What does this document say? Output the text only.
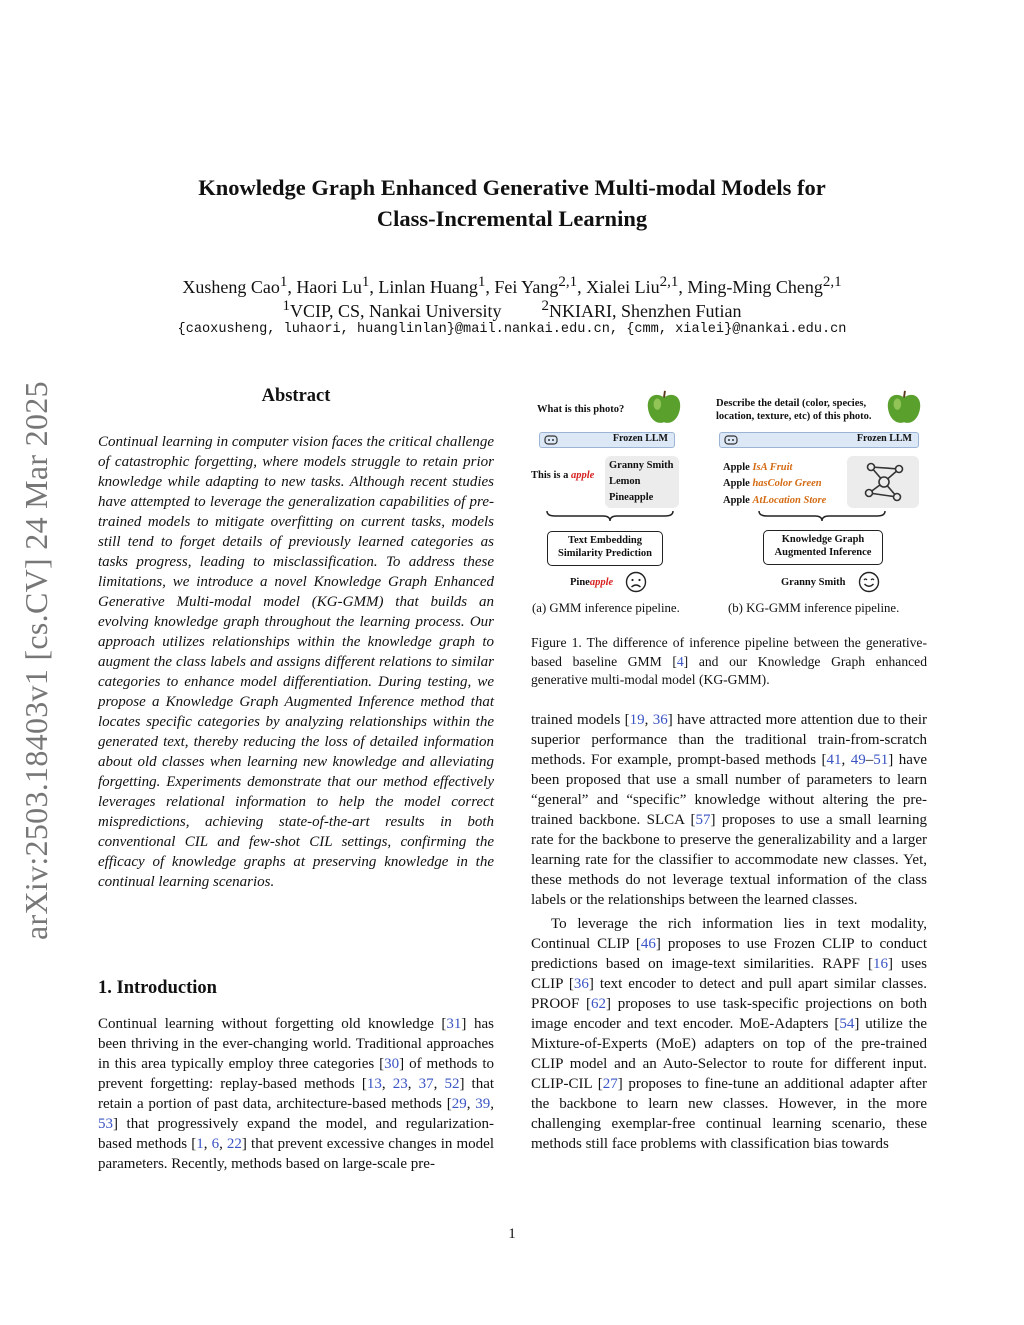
Knowledge Graph Enhanced Generative Multi-modal Models for
Class-Incremental Learning
Xusheng Cao$^1$, Haori Lu$^1$, Linlan Huang$^1$, Fei Yang$^{2,1}$, Xialei Liu$^{2,1}$, Ming-Ming Cheng$^{2,1}$
$^1$VCIP, CS, Nankai University	$^2$NKIARI, Shenzhen Futian
{caoxusheng, luhaori, huanglinlan}@mail.nankai.edu.cn, {cmm, xialei}@nankai.edu.cn
arXiv:2503.18403v1 [cs.CV] 24 Mar 2025	Abstract
Continual learning in computer vision faces the critical challenge of catastrophic forgetting, where models struggle to retain prior knowledge while adapting to new tasks. Although recent studies have attempted to leverage the generalization capabilities of pre-trained models to mitigate overfitting on current tasks, models still tend to forget details of previously learned categories as tasks progress, leading to misclassification. To address these limitations, we introduce a novel Knowledge Graph Enhanced Generative Multi-modal model (KG-GMM) that builds an evolving knowledge graph throughout the learning process. Our approach utilizes relationships within the knowledge graph to augment the class labels and assigns different relations to similar categories to enhance model differentiation. During testing, we propose a Knowledge Graph Augmented Inference method that locates specific categories by analyzing relationships within the generated text, thereby reducing the loss of detailed information about old classes when learning new knowledge and alleviating forgetting. Experiments demonstrate that our method effectively leverages relational information to help the model correct mispredictions, achieving state-of-the-art results in both conventional CIL and few-shot CIL settings, confirming the efficacy of knowledge graphs at preserving knowledge in the continual learning scenarios.
1. Introduction
Continual learning without forgetting old knowledge [31] has been thriving in the ever-changing world. Traditional approaches in this area typically employ three categories [30] of methods to prevent forgetting: replay-based methods [13, 23, 37, 52] that retain a portion of past data, architecture-based methods [29, 39, 53] that progressively expand the model, and regularization-based methods [1, 6, 22] that prevent excessive changes in model parameters. Recently, methods based on large-scale pre-
What is this photo?
Describe the detail (color, species,
location, texture, etc) of this photo.
Frozen LLM	Frozen LLM
This is a apple
Granny Smith
Lemon
Pineapple
Apple IsA Fruit
Apple hasColor Green
Apple AtLocation Store
Text Embedding
Similarity Prediction
Knowledge Graph
Augmented Inference
Pineapple	Granny Smith
(a) GMM inference pipeline.	(b) KG-GMM inference pipeline.
Figure 1. The difference of inference pipeline between the generative-based baseline GMM [4] and our Knowledge Graph enhanced generative multi-modal model (KG-GMM).

trained models [19, 36] have attracted more attention due to their superior performance than the traditional train-from-scratch methods. For example, prompt-based methods [41, 49–51] have been proposed that use a small number of parameters to learn “general” and “specific” knowledge without altering the pre-trained backbone. SLCA [57] proposes to use a small learning rate for the backbone to preserve the generalizability and a larger learning rate for the classifier to accommodate new classes. Yet, these methods do not leverage textual information of the class labels or the relationships between the learned classes.

To leverage the rich information lies in text modality, Continual CLIP [46] proposes to use Frozen CLIP to conduct predictions based on image-text similarities. RAPF [16] uses CLIP [36] text encoder to detect and pull apart similar classes. PROOF [62] proposes to use task-specific projections on both image encoder and text encoder. MoE-Adapters [54] utilize the Mixture-of-Experts (MoE) adapters on top of the pre-trained CLIP model and an Auto-Selector to route for different input. CLIP-CIL [27] proposes to fine-tune an additional adapter after the backbone to learn new classes. However, in the more challenging exemplar-free continual learning scenario, these methods still face problems with classification bias towards

1
